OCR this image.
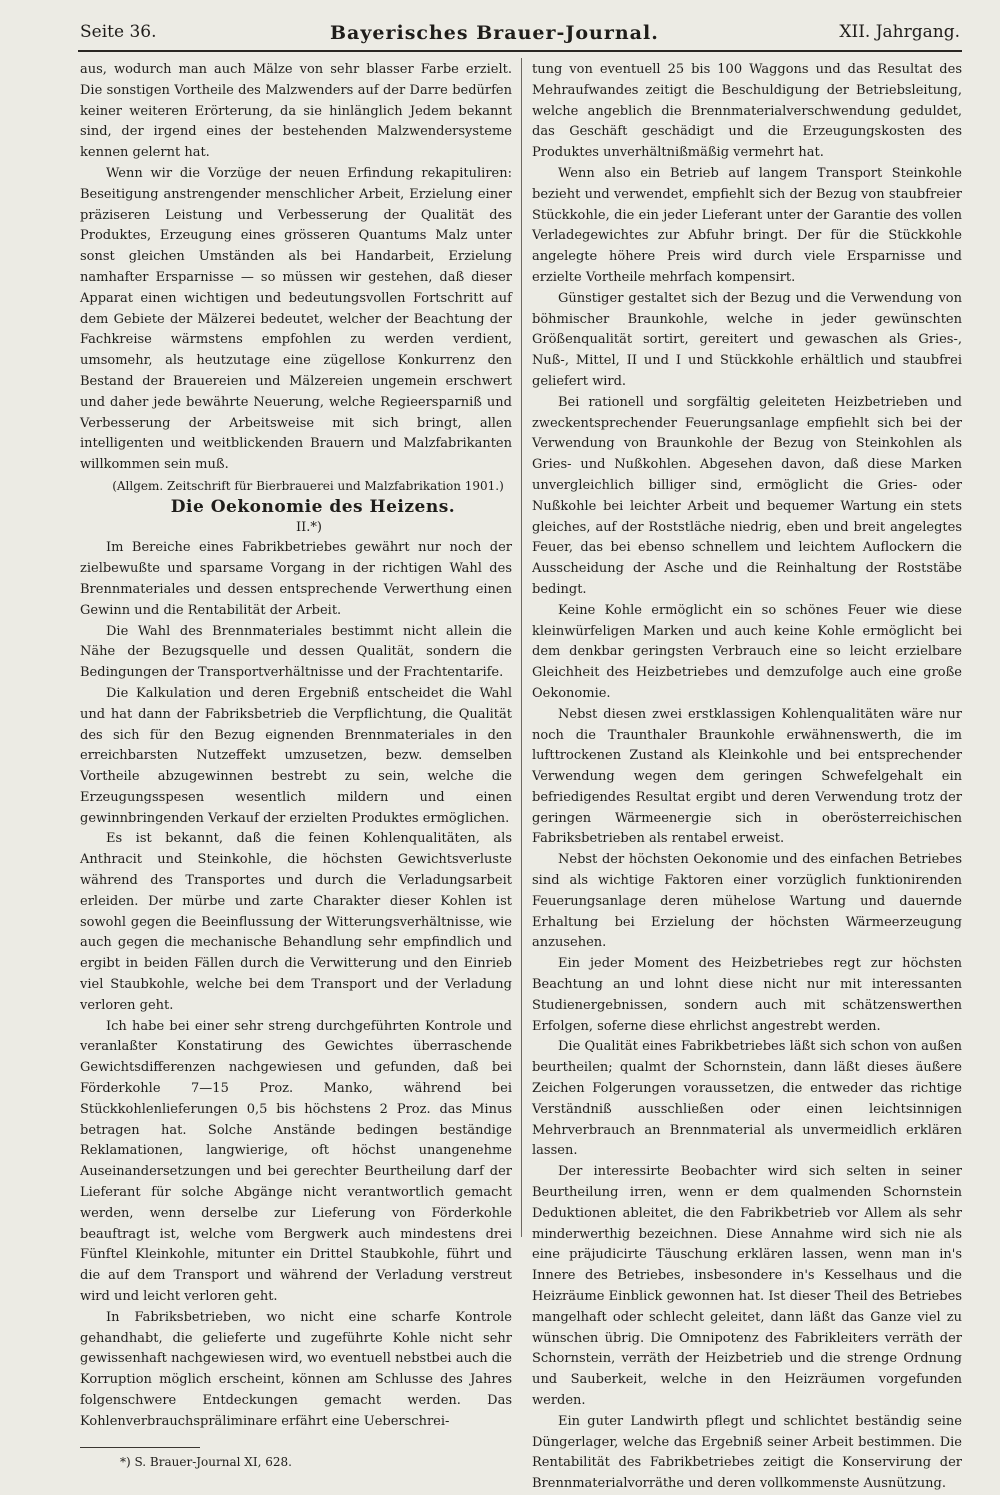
Seite 36.	Bayerisches Brauer-Journal.	XII. Jahrgang.

aus, wodurch man auch Mälze von sehr blasser Farbe erzielt. Die sonstigen Vortheile des Malzwenders auf der Darre bedürfen keiner weiteren Erörterung, da sie hinlänglich Jedem bekannt sind, der irgend eines der bestehenden Malzwendersysteme kennen gelernt hat.

Wenn wir die Vorzüge der neuen Erfindung rekapituliren: Beseitigung anstrengender menschlicher Arbeit, Erzielung einer präziseren Leistung und Verbesserung der Qualität des Produktes, Erzeugung eines grösseren Quantums Malz unter sonst gleichen Umständen als bei Handarbeit, Erzielung namhafter Ersparnisse — so müssen wir gestehen, daß dieser Apparat einen wichtigen und bedeutungsvollen Fortschritt auf dem Gebiete der Mälzerei bedeutet, welcher der Beachtung der Fachkreise wärmstens empfohlen zu werden verdient, umsomehr, als heutzutage eine zügellose Konkurrenz den Bestand der Brauereien und Mälzereien ungemein erschwert und daher jede bewährte Neuerung, welche Regieersparniß und Verbesserung der Arbeitsweise mit sich bringt, allen intelligenten und weitblickenden Brauern und Malzfabrikanten willkommen sein muß.

(Allgem. Zeitschrift für Bierbrauerei und Malzfabrikation 1901.)

Die Oekonomie des Heizens.

II.*)

Im Bereiche eines Fabrikbetriebes gewährt nur noch der zielbewußte und sparsame Vorgang in der richtigen Wahl des Brennmateriales und dessen entsprechende Verwerthung einen Gewinn und die Rentabilität der Arbeit.

Die Wahl des Brennmateriales bestimmt nicht allein die Nähe der Bezugsquelle und dessen Qualität, sondern die Bedingungen der Transportverhältnisse und der Frachtentarife.

Die Kalkulation und deren Ergebniß entscheidet die Wahl und hat dann der Fabriksbetrieb die Verpflichtung, die Qualität des sich für den Bezug eignenden Brennmateriales in den erreichbarsten Nutzeffekt umzusetzen, bezw. demselben Vortheile abzugewinnen bestrebt zu sein, welche die Erzeugungsspesen wesentlich mildern und einen gewinnbringenden Verkauf der erzielten Produktes ermöglichen.

Es ist bekannt, daß die feinen Kohlenqualitäten, als Anthracit und Steinkohle, die höchsten Gewichtsverluste während des Transportes und durch die Verladungsarbeit erleiden. Der mürbe und zarte Charakter dieser Kohlen ist sowohl gegen die Beeinflussung der Witterungsverhältnisse, wie auch gegen die mechanische Behandlung sehr empfindlich und ergibt in beiden Fällen durch die Verwitterung und den Einrieb viel Staubkohle, welche bei dem Transport und der Verladung verloren geht.

Ich habe bei einer sehr streng durchgeführten Kontrole und veranlaßter Konstatirung des Gewichtes überraschende Gewichtsdifferenzen nachgewiesen und gefunden, daß bei Förderkohle 7—15 Proz. Manko, während bei Stückkohlenlieferungen 0,5 bis höchstens 2 Proz. das Minus betragen hat. Solche Anstände bedingen beständige Reklamationen, langwierige, oft höchst unangenehme Auseinandersetzungen und bei gerechter Beurtheilung darf der Lieferant für solche Abgänge nicht verantwortlich gemacht werden, wenn derselbe zur Lieferung von Förderkohle beauftragt ist, welche vom Bergwerk auch mindestens drei Fünftel Kleinkohle, mitunter ein Drittel Staubkohle, führt und die auf dem Transport und während der Verladung verstreut wird und leicht verloren geht.

In Fabriksbetrieben, wo nicht eine scharfe Kontrole gehandhabt, die gelieferte und zugeführte Kohle nicht sehr gewissenhaft nachgewiesen wird, wo eventuell nebstbei auch die Korruption möglich erscheint, können am Schlusse des Jahres folgenschwere Entdeckungen gemacht werden. Das Kohlenverbrauchspräliminare erfährt eine Ueberschrei-

*) S. Brauer-Journal XI, 628.

tung von eventuell 25 bis 100 Waggons und das Resultat des Mehraufwandes zeitigt die Beschuldigung der Betriebsleitung, welche angeblich die Brennmaterialverschwendung geduldet, das Geschäft geschädigt und die Erzeugungskosten des Produktes unverhältnißmäßig vermehrt hat.

Wenn also ein Betrieb auf langem Transport Steinkohle bezieht und verwendet, empfiehlt sich der Bezug von staubfreier Stückkohle, die ein jeder Lieferant unter der Garantie des vollen Verladegewichtes zur Abfuhr bringt. Der für die Stückkohle angelegte höhere Preis wird durch viele Ersparnisse und erzielte Vortheile mehrfach kompensirt.

Günstiger gestaltet sich der Bezug und die Verwendung von böhmischer Braunkohle, welche in jeder gewünschten Größenqualität sortirt, gereitert und gewaschen als Gries-, Nuß-, Mittel, II und I und Stückkohle erhältlich und staubfrei geliefert wird.

Bei rationell und sorgfältig geleiteten Heizbetrieben und zweckentsprechender Feuerungsanlage empfiehlt sich bei der Verwendung von Braunkohle der Bezug von Steinkohlen als Gries- und Nußkohlen. Abgesehen davon, daß diese Marken unvergleichlich billiger sind, ermöglicht die Gries- oder Nußkohle bei leichter Arbeit und bequemer Wartung ein stets gleiches, auf der Roststläche niedrig, eben und breit angelegtes Feuer, das bei ebenso schnellem und leichtem Auflockern die Ausscheidung der Asche und die Reinhaltung der Roststäbe bedingt.

Keine Kohle ermöglicht ein so schönes Feuer wie diese kleinwürfeligen Marken und auch keine Kohle ermöglicht bei dem denkbar geringsten Verbrauch eine so leicht erzielbare Gleichheit des Heizbetriebes und demzufolge auch eine große Oekonomie.

Nebst diesen zwei erstklassigen Kohlenqualitäten wäre nur noch die Traunthaler Braunkohle erwähnenswerth, die im lufttrockenen Zustand als Kleinkohle und bei entsprechender Verwendung wegen dem geringen Schwefelgehalt ein befriedigendes Resultat ergibt und deren Verwendung trotz der geringen Wärmeenergie sich in oberösterreichischen Fabriksbetrieben als rentabel erweist.

Nebst der höchsten Oekonomie und des einfachen Betriebes sind als wichtige Faktoren einer vorzüglich funktionirenden Feuerungsanlage deren mühelose Wartung und dauernde Erhaltung bei Erzielung der höchsten Wärmeerzeugung anzusehen.

Ein jeder Moment des Heizbetriebes regt zur höchsten Beachtung an und lohnt diese nicht nur mit interessanten Studienergebnissen, sondern auch mit schätzenswerthen Erfolgen, soferne diese ehrlichst angestrebt werden.

Die Qualität eines Fabrikbetriebes läßt sich schon von außen beurtheilen; qualmt der Schornstein, dann läßt dieses äußere Zeichen Folgerungen voraussetzen, die entweder das richtige Verständniß ausschließen oder einen leichtsinnigen Mehrverbrauch an Brennmaterial als unvermeidlich erklären lassen.

Der interessirte Beobachter wird sich selten in seiner Beurtheilung irren, wenn er dem qualmenden Schornstein Deduktionen ableitet, die den Fabrikbetrieb vor Allem als sehr minderwerthig bezeichnen. Diese Annahme wird sich nie als eine präjudicirte Täuschung erklären lassen, wenn man in's Innere des Betriebes, insbesondere in's Kesselhaus und die Heizräume Einblick gewonnen hat. Ist dieser Theil des Betriebes mangelhaft oder schlecht geleitet, dann läßt das Ganze viel zu wünschen übrig. Die Omnipotenz des Fabrikleiters verräth der Schornstein, verräth der Heizbetrieb und die strenge Ordnung und Sauberkeit, welche in den Heizräumen vorgefunden werden.

Ein guter Landwirth pflegt und schlichtet beständig seine Düngerlager, welche das Ergebniß seiner Arbeit bestimmen. Die Rentabilität des Fabrikbetriebes zeitigt die Konservirung der Brennmaterialvorräthe und deren vollkommenste Ausnützung.
